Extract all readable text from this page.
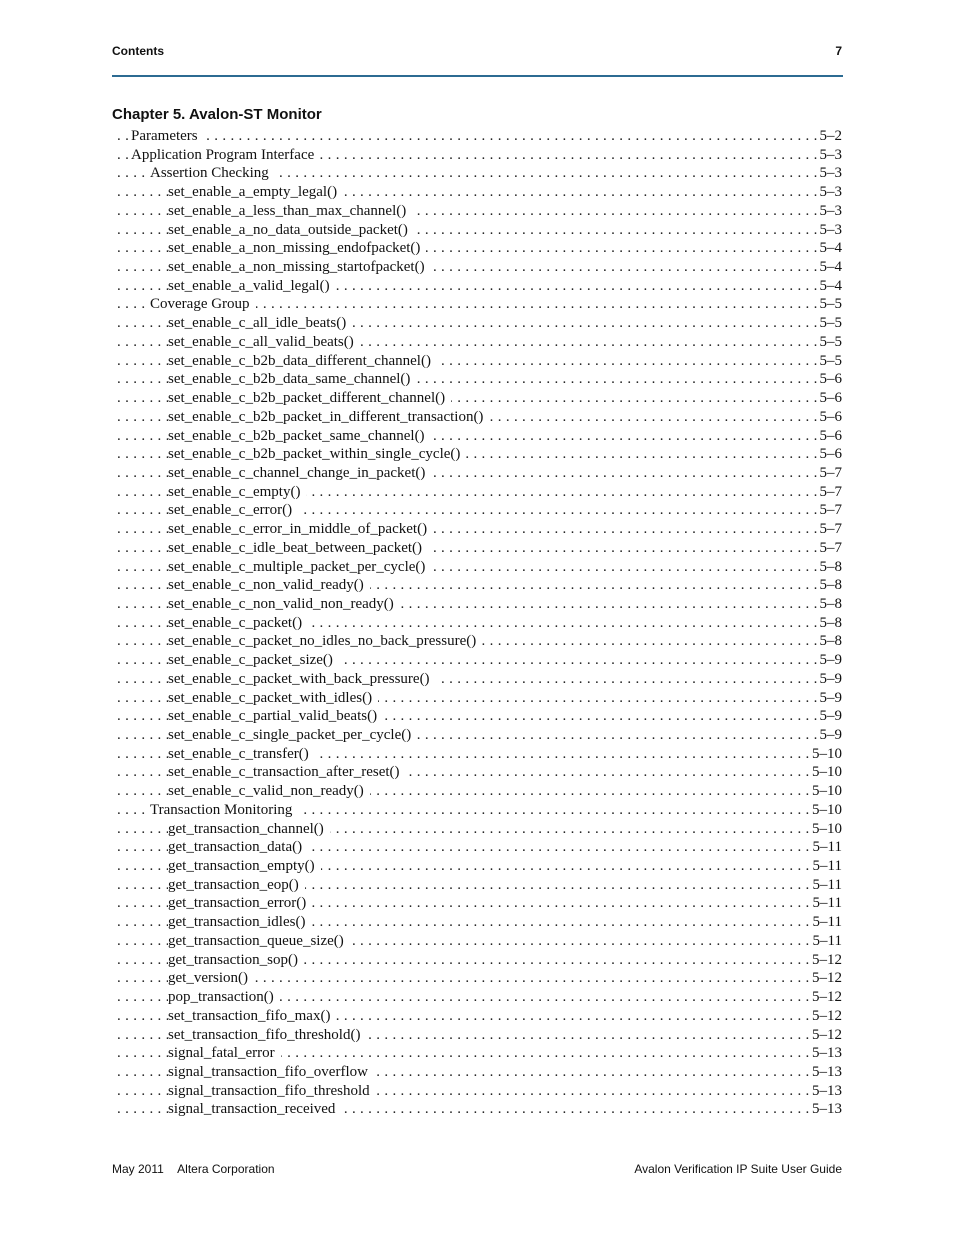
Contents	7
Chapter 5. Avalon-ST Monitor
. . . Parameters	5–2
. . . Application Program Interface	5–3
. . . Assertion Checking	5–3
. . . set_enable_a_empty_legal()	5–3
. . . set_enable_a_less_than_max_channel()	5–3
. . . set_enable_a_no_data_outside_packet()	5–3
. . . set_enable_a_non_missing_endofpacket()	5–4
. . . set_enable_a_non_missing_startofpacket()	5–4
. . . set_enable_a_valid_legal()	5–4
. . . Coverage Group	5–5
. . . set_enable_c_all_idle_beats()	5–5
. . . set_enable_c_all_valid_beats()	5–5
. . . set_enable_c_b2b_data_different_channel()	5–5
. . . set_enable_c_b2b_data_same_channel()	5–6
. . . set_enable_c_b2b_packet_different_channel()	5–6
. . . set_enable_c_b2b_packet_in_different_transaction()	5–6
. . . set_enable_c_b2b_packet_same_channel()	5–6
. . . set_enable_c_b2b_packet_within_single_cycle()	5–6
. . . set_enable_c_channel_change_in_packet()	5–7
. . . set_enable_c_empty()	5–7
. . . set_enable_c_error()	5–7
. . . set_enable_c_error_in_middle_of_packet()	5–7
. . . set_enable_c_idle_beat_between_packet()	5–7
. . . set_enable_c_multiple_packet_per_cycle()	5–8
. . . set_enable_c_non_valid_ready()	5–8
. . . set_enable_c_non_valid_non_ready()	5–8
. . . set_enable_c_packet()	5–8
. . . set_enable_c_packet_no_idles_no_back_pressure()	5–8
. . . set_enable_c_packet_size()	5–9
. . . set_enable_c_packet_with_back_pressure()	5–9
. . . set_enable_c_packet_with_idles()	5–9
. . . set_enable_c_partial_valid_beats()	5–9
. . . set_enable_c_single_packet_per_cycle()	5–9
. . . set_enable_c_transfer()	5–10
. . . set_enable_c_transaction_after_reset()	5–10
. . . set_enable_c_valid_non_ready()	5–10
. . . Transaction Monitoring	5–10
. . . get_transaction_channel()	5–10
. . . get_transaction_data()	5–11
. . . get_transaction_empty()	5–11
. . . get_transaction_eop()	5–11
. . . get_transaction_error()	5–11
. . . get_transaction_idles()	5–11
. . . get_transaction_queue_size()	5–11
. . . get_transaction_sop()	5–12
. . . get_version()	5–12
. . . pop_transaction()	5–12
. . . set_transaction_fifo_max()	5–12
. . . set_transaction_fifo_threshold()	5–12
. . . signal_fatal_error	5–13
. . . signal_transaction_fifo_overflow	5–13
. . . signal_transaction_fifo_threshold	5–13
. . . signal_transaction_received	5–13
May 2011 Altera Corporation	Avalon Verification IP Suite User Guide
